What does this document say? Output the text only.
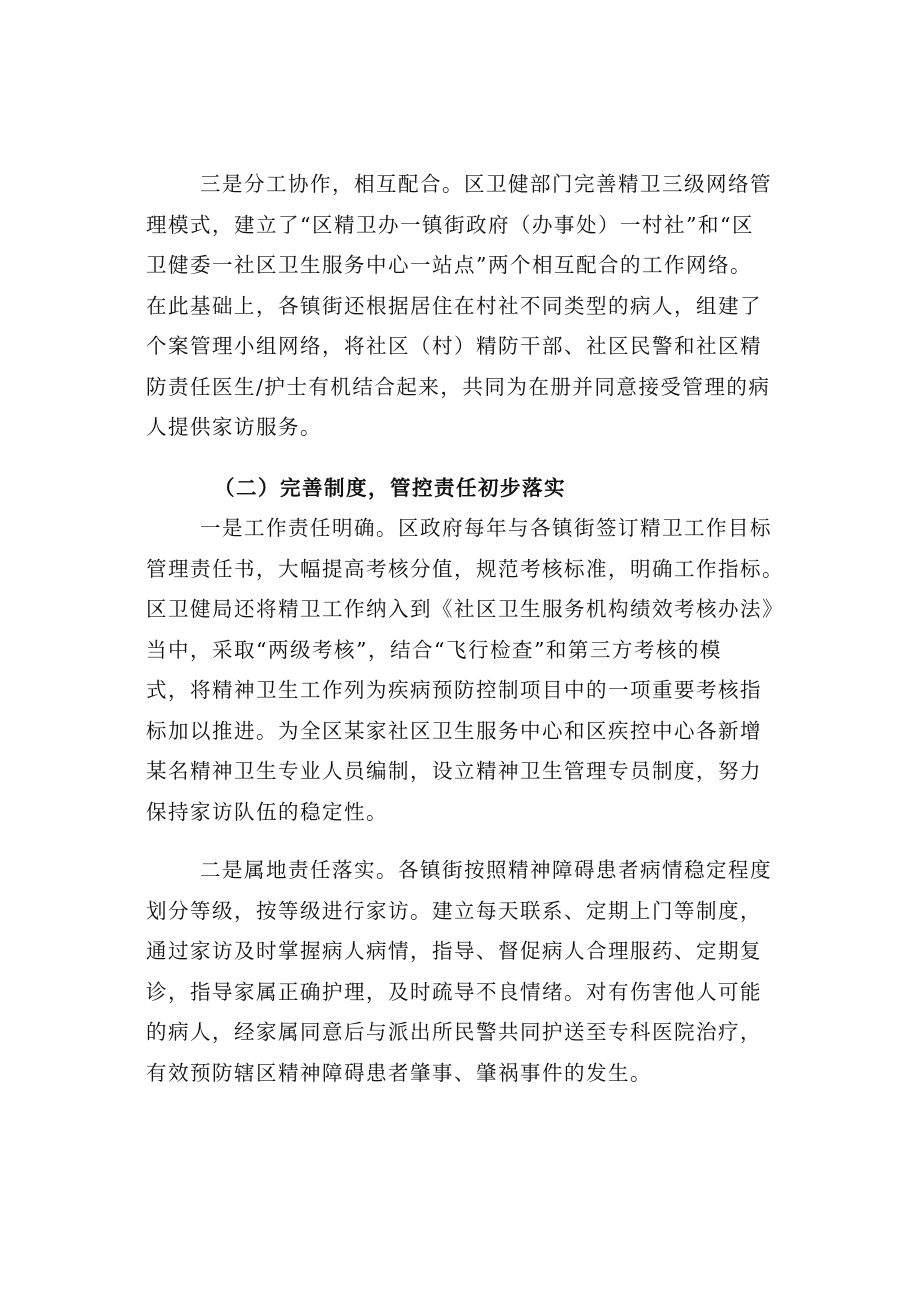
三是分工协作，相互配合。区卫健部门完善精卫三级网络管
理模式，建立了“区精卫办一镇街政府（办事处）一村社”和“区
卫健委一社区卫生服务中心一站点”两个相互配合的工作网络。
在此基础上，各镇街还根据居住在村社不同类型的病人，组建了
个案管理小组网络，将社区（村）精防干部、社区民警和社区精
防责任医生/护士有机结合起来，共同为在册并同意接受管理的病
人提供家访服务。
（二）完善制度，管控责任初步落实
一是工作责任明确。区政府每年与各镇街签订精卫工作目标
管理责任书，大幅提高考核分值，规范考核标准，明确工作指标。
区卫健局还将精卫工作纳入到《社区卫生服务机构绩效考核办法》
当中，采取“两级考核”，结合“飞行检查”和第三方考核的模
式，将精神卫生工作列为疾病预防控制项目中的一项重要考核指
标加以推进。为全区某家社区卫生服务中心和区疾控中心各新增
某名精神卫生专业人员编制，设立精神卫生管理专员制度，努力
保持家访队伍的稳定性。
二是属地责任落实。各镇街按照精神障碍患者病情稳定程度
划分等级，按等级进行家访。建立每天联系、定期上门等制度，
通过家访及时掌握病人病情，指导、督促病人合理服药、定期复
诊，指导家属正确护理，及时疏导不良情绪。对有伤害他人可能
的病人，经家属同意后与派出所民警共同护送至专科医院治疗，
有效预防辖区精神障碍患者肇事、肇祸事件的发生。
